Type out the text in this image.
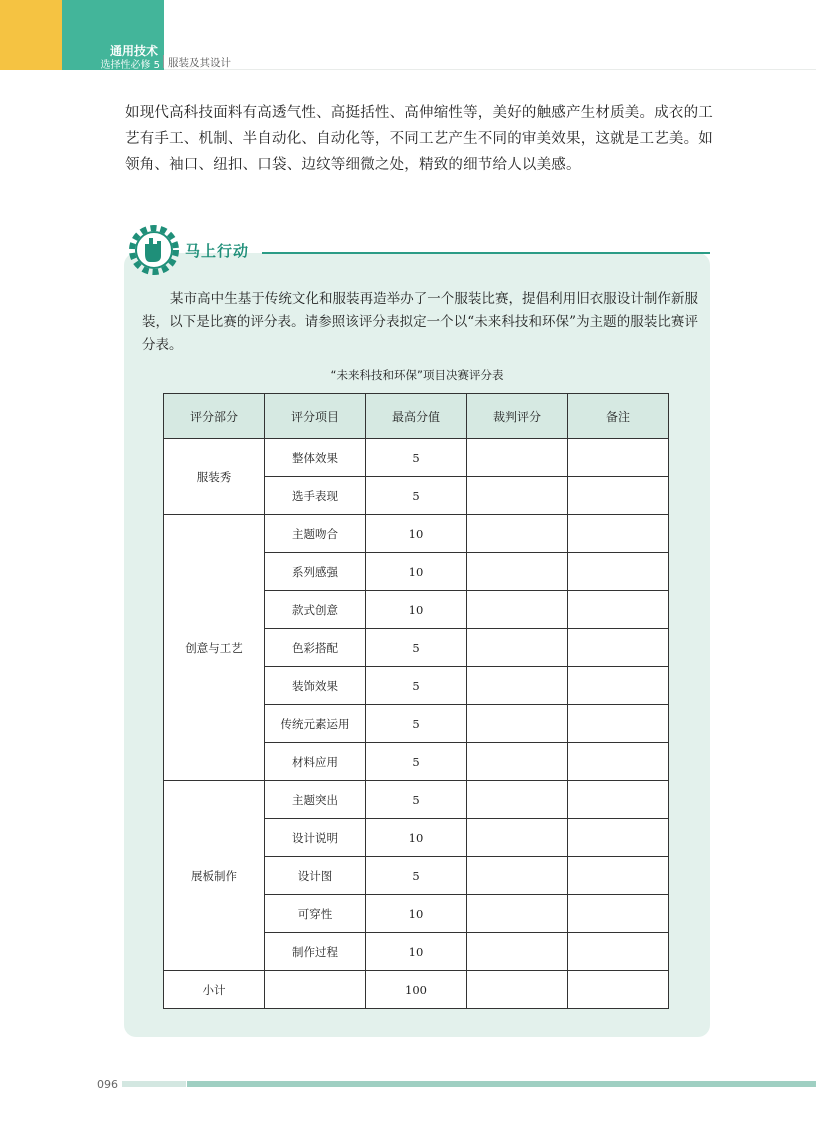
通用技术
选择性必修 5 服装及其设计
如现代高科技面料有高透气性、高挺括性、高伸缩性等，美好的触感产生材质美。成衣的工艺有手工、机制、半自动化、自动化等，不同工艺产生不同的审美效果，这就是工艺美。如领角、袖口、纽扣、口袋、边纹等细微之处，精致的细节给人以美感。
马上行动
某市高中生基于传统文化和服装再造举办了一个服装比赛，提倡利用旧衣服设计制作新服装，以下是比赛的评分表。请参照该评分表拟定一个以“未来科技和环保”为主题的服装比赛评分表。
“未来科技和环保”项目决赛评分表
评分部分	评分项目	最高分值	裁判评分	备注
服装秀	整体效果	5		
	选手表现	5		
创意与工艺	主题吻合	10		
	系列感强	10		
	款式创意	10		
	色彩搭配	5		
	装饰效果	5		
	传统元素运用	5		
	材料应用	5		
展板制作	主题突出	5		
	设计说明	10		
	设计图	5		
	可穿性	10		
	制作过程	10		
小计		100		
096
